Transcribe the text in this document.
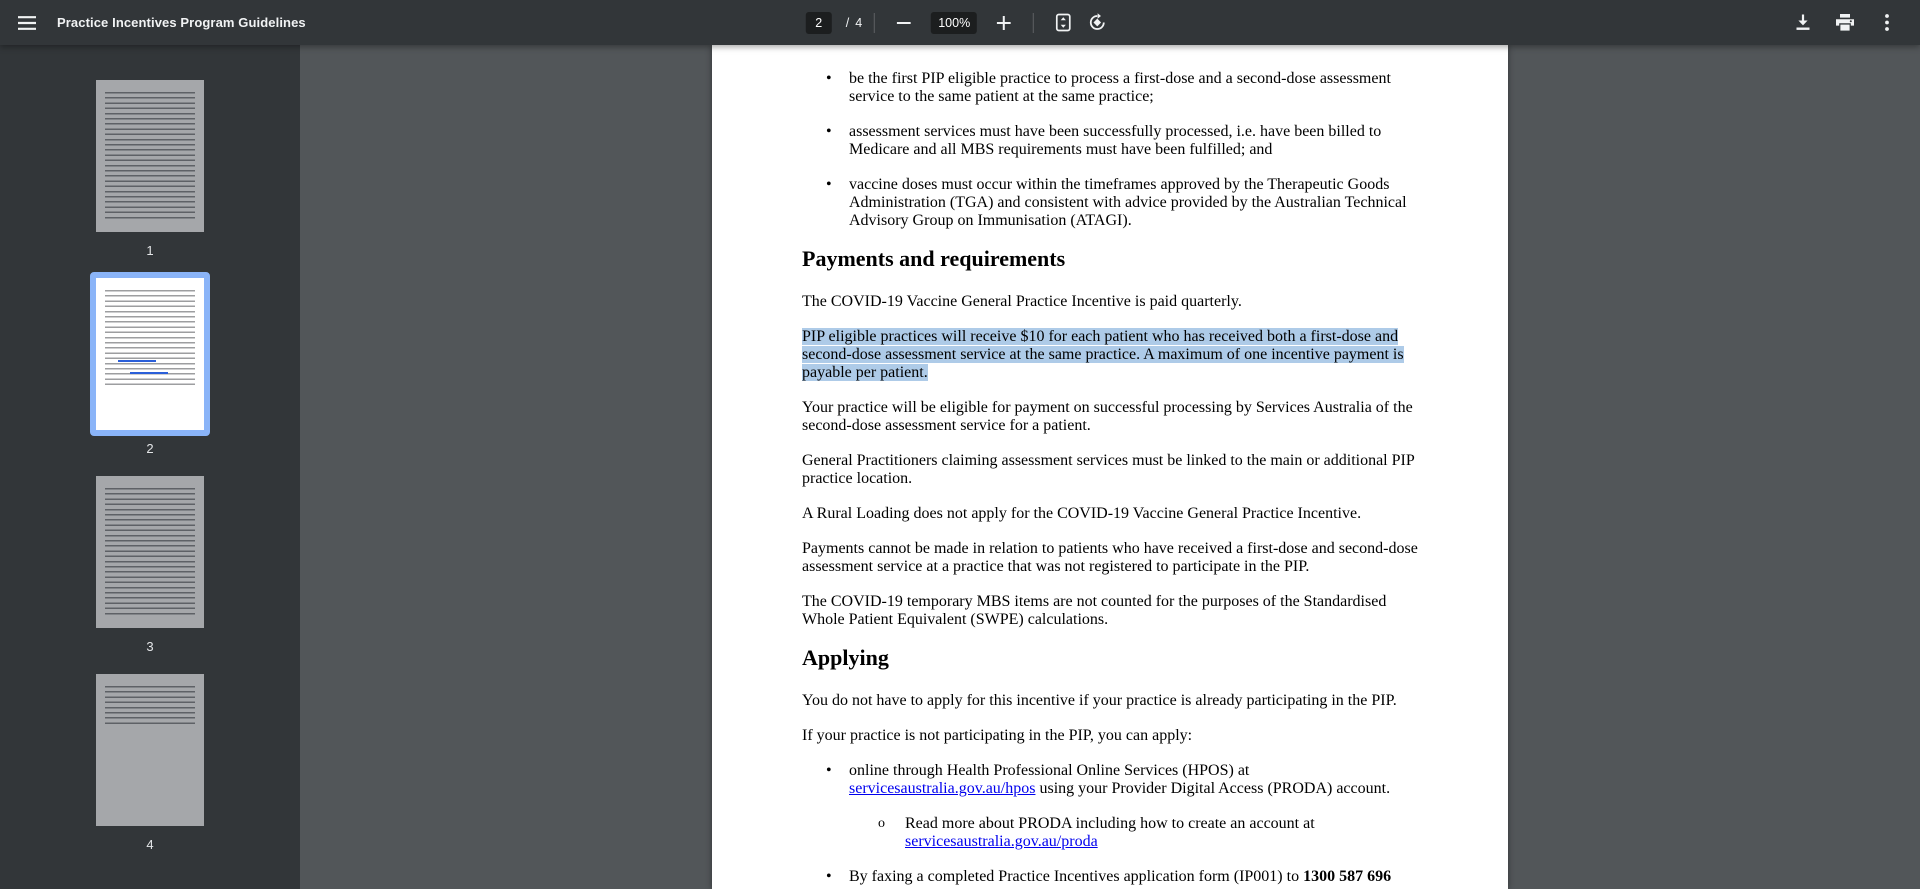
Practice Incentives Program Guidelines	2	/ 4	100%
1
2
3
4
• be the first PIP eligible practice to process a first-dose and a second-dose assessment service to the same patient at the same practice;
• assessment services must have been successfully processed, i.e. have been billed to Medicare and all MBS requirements must have been fulfilled; and
• vaccine doses must occur within the timeframes approved by the Therapeutic Goods Administration (TGA) and consistent with advice provided by the Australian Technical Advisory Group on Immunisation (ATAGI).
Payments and requirements

The COVID-19 Vaccine General Practice Incentive is paid quarterly.

PIP eligible practices will receive $10 for each patient who has received both a first-dose and second-dose assessment service at the same practice. A maximum of one incentive payment is payable per patient.

Your practice will be eligible for payment on successful processing by Services Australia of the second-dose assessment service for a patient.

General Practitioners claiming assessment services must be linked to the main or additional PIP practice location.

A Rural Loading does not apply for the COVID-19 Vaccine General Practice Incentive.

Payments cannot be made in relation to patients who have received a first-dose and second-dose assessment service at a practice that was not registered to participate in the PIP.

The COVID-19 temporary MBS items are not counted for the purposes of the Standardised Whole Patient Equivalent (SWPE) calculations.

Applying

You do not have to apply for this incentive if your practice is already participating in the PIP.

If your practice is not participating in the PIP, you can apply:

• online through Health Professional Online Services (HPOS) at servicesaustralia.gov.au/hpos using your Provider Digital Access (PRODA) account.
o Read more about PRODA including how to create an account at servicesaustralia.gov.au/proda
• By faxing a completed Practice Incentives application form (IP001) to 1300 587 696
